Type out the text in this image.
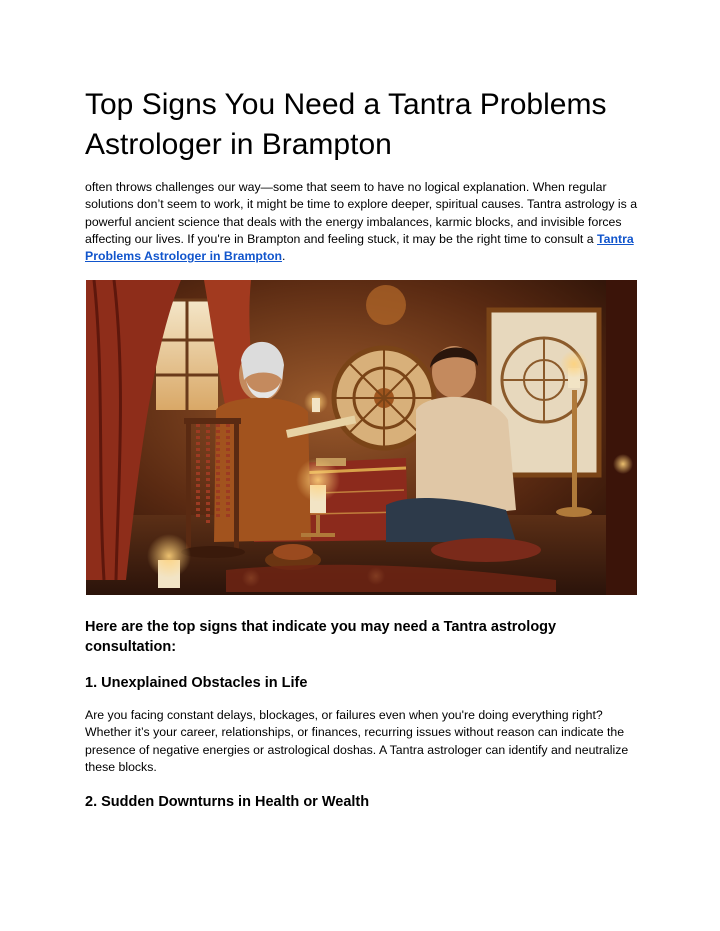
Top Signs You Need a Tantra Problems Astrologer in Brampton

often throws challenges our way—some that seem to have no logical explanation. When regular solutions don’t seem to work, it might be time to explore deeper, spiritual causes. Tantra astrology is a powerful ancient science that deals with the energy imbalances, karmic blocks, and invisible forces affecting our lives. If you're in Brampton and feeling stuck, it may be the right time to consult a Tantra Problems Astrologer in Brampton.

Here are the top signs that indicate you may need a Tantra astrology consultation:

1. Unexplained Obstacles in Life

Are you facing constant delays, blockages, or failures even when you're doing everything right? Whether it’s your career, relationships, or finances, recurring issues without reason can indicate the presence of negative energies or astrological doshas. A Tantra astrologer can identify and neutralize these blocks.

2. Sudden Downturns in Health or Wealth
